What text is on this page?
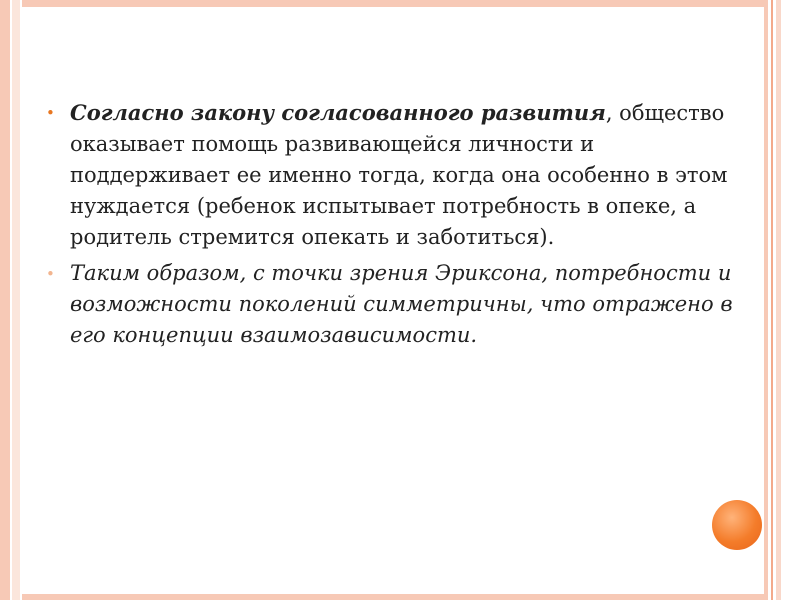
• Согласно закону согласованного развития, общество оказывает помощь развивающейся личности и поддерживает ее именно тогда, когда она особенно в этом нуждается (ребенок испытывает потребность в опеке, а родитель стремится опекать и заботиться).

• Таким образом, с точки зрения Эриксона, потребности и возможности поколений симметричны, что отражено в его концепции взаимозависимости.
